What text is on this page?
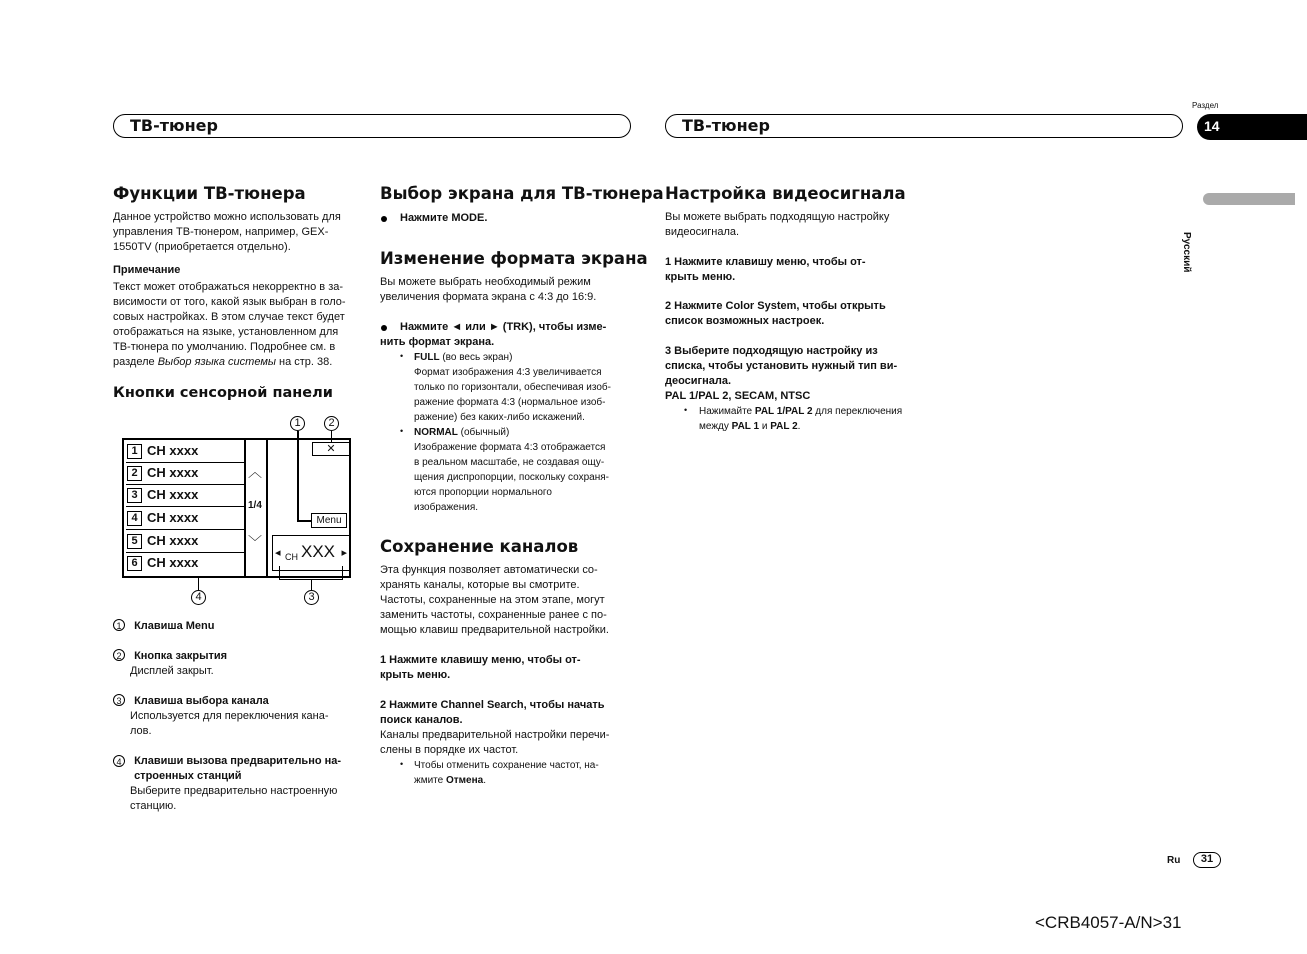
ТВ-тюнер	ТВ-тюнер
Раздел
14
Русский
Функции ТВ-тюнера
Данное устройство можно использовать для
управления ТВ-тюнером, например, GEX-
1550TV (приобретается отдельно).
Примечание
Текст может отображаться некорректно в за-
висимости от того, какой язык выбран в голо-
совых настройках. В этом случае текст будет
отображаться на языке, установленном для
ТВ-тюнера по умолчанию. Подробнее см. в
разделе Выбор языка системы на стр. 38.
Кнопки сенсорной панели
1	2
1 CH xxxx
2 CH xxxx
3 CH xxxx
4 CH xxxx
5 CH xxxx
6 CH xxxx
︿
1/4
﹀
✕
Menu
CH XXX
◂	▸
3
4
1 Клавиша Menu
2 Кнопка закрытия
Дисплей закрыт.
3 Клавиша выбора канала
Используется для переключения кана-
лов.
4 Клавиши вызова предварительно на-
строенных станций
Выберите предварительно настроенную
станцию.
Выбор экрана для ТВ-тюнера
Нажмите MODE.
Изменение формата экрана
Вы можете выбрать необходимый режим
увеличения формата экрана с 4:3 до 16:9.
Нажмите ◄ или ► (TRK), чтобы изме-
нить формат экрана.
• FULL (во весь экран)
Формат изображения 4:3 увеличивается
только по горизонтали, обеспечивая изоб-
ражение формата 4:3 (нормальное изоб-
ражение) без каких-либо искажений.
• NORMAL (обычный)
Изображение формата 4:3 отображается
в реальном масштабе, не создавая ощу-
щения диспропорции, поскольку сохраня-
ются пропорции нормального
изображения.
Сохранение каналов
Эта функция позволяет автоматически со-
хранять каналы, которые вы смотрите.
Частоты, сохраненные на этом этапе, могут
заменить частоты, сохраненные ранее с по-
мощью клавиш предварительной настройки.
1 Нажмите клавишу меню, чтобы от-
крыть меню.
2 Нажмите Channel Search, чтобы начать
поиск каналов.
Каналы предварительной настройки перечи-
слены в порядке их частот.
• Чтобы отменить сохранение частот, на-
жмите Отмена.
Настройка видеосигнала
Вы можете выбрать подходящую настройку
видеосигнала.
1 Нажмите клавишу меню, чтобы от-
крыть меню.
2 Нажмите Color System, чтобы открыть
список возможных настроек.
3 Выберите подходящую настройку из
списка, чтобы установить нужный тип ви-
деосигнала.
PAL 1/PAL 2, SECAM, NTSC
• Нажимайте PAL 1/PAL 2 для переключения
между PAL 1 и PAL 2.
Ru	31
<CRB4057-A/N>31
